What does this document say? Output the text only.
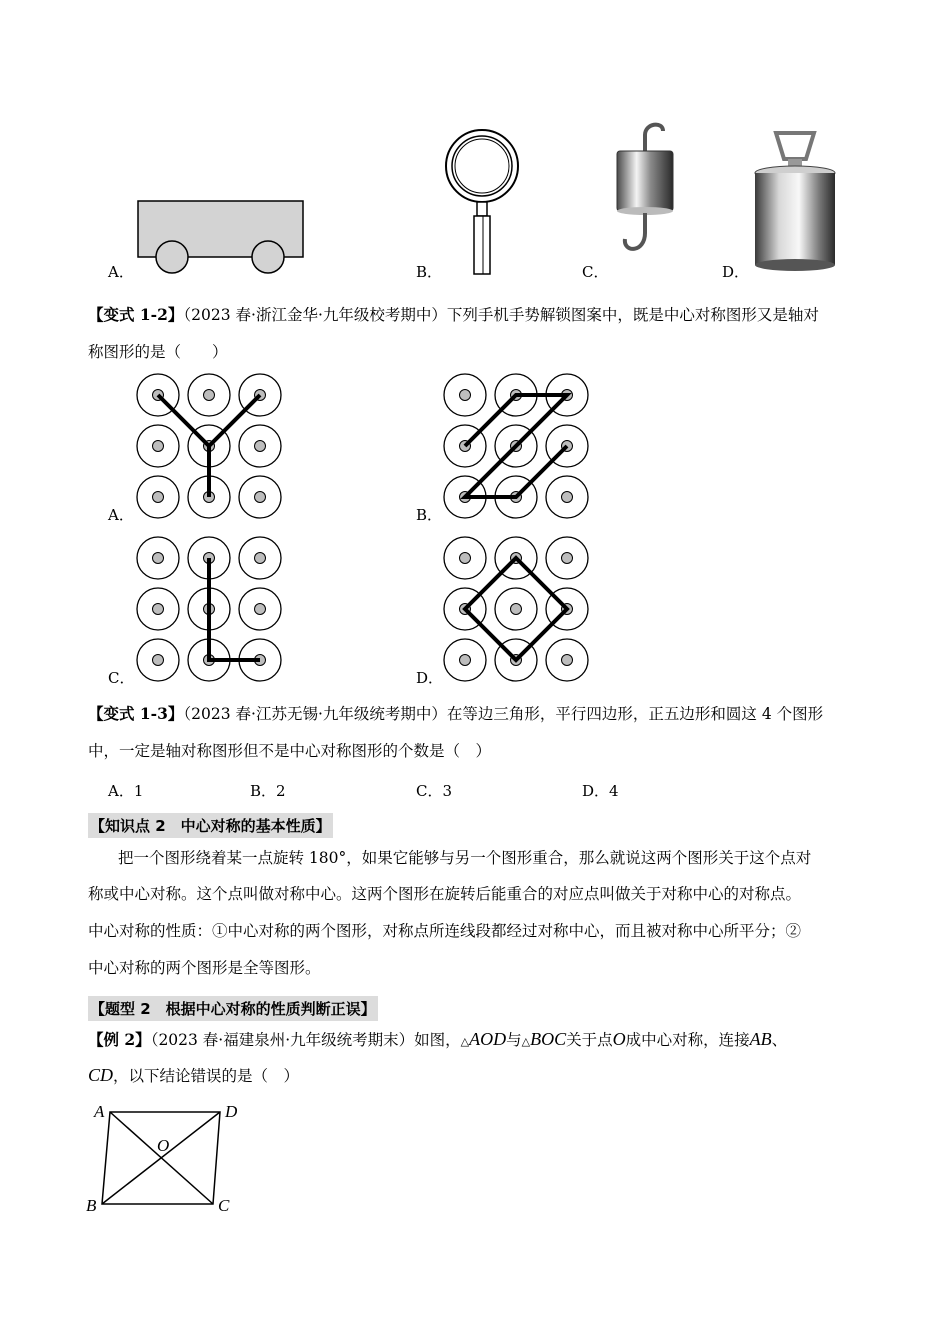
A．	B．	C．	D．
【变式 1-2】（2023 春·浙江金华·九年级校考期中）下列手机手势解锁图案中，既是中心对称图形又是轴对
称图形的是（　　）
A．	B．
C．	D．
【变式 1-3】（2023 春·江苏无锡·九年级统考期中）在等边三角形，平行四边形，正五边形和圆这 4 个图形
中，一定是轴对称图形但不是中心对称图形的个数是（　）
A．1	B．2	C．3	D．4
【知识点 2　中心对称的基本性质】
把一个图形绕着某一点旋转 180°，如果它能够与另一个图形重合，那么就说这两个图形关于这个点对
称或中心对称。这个点叫做对称中心。这两个图形在旋转后能重合的对应点叫做关于对称中心的对称点。
中心对称的性质：①中心对称的两个图形，对称点所连线段都经过对称中心，而且被对称中心所平分；②
中心对称的两个图形是全等图形。
【题型 2　根据中心对称的性质判断正误】
【例 2】（2023 春·福建泉州·九年级统考期末）如图，△AOD与△BOC关于点O成中心对称，连接AB、
CD，以下结论错误的是（　）
A	D
O
B	C
